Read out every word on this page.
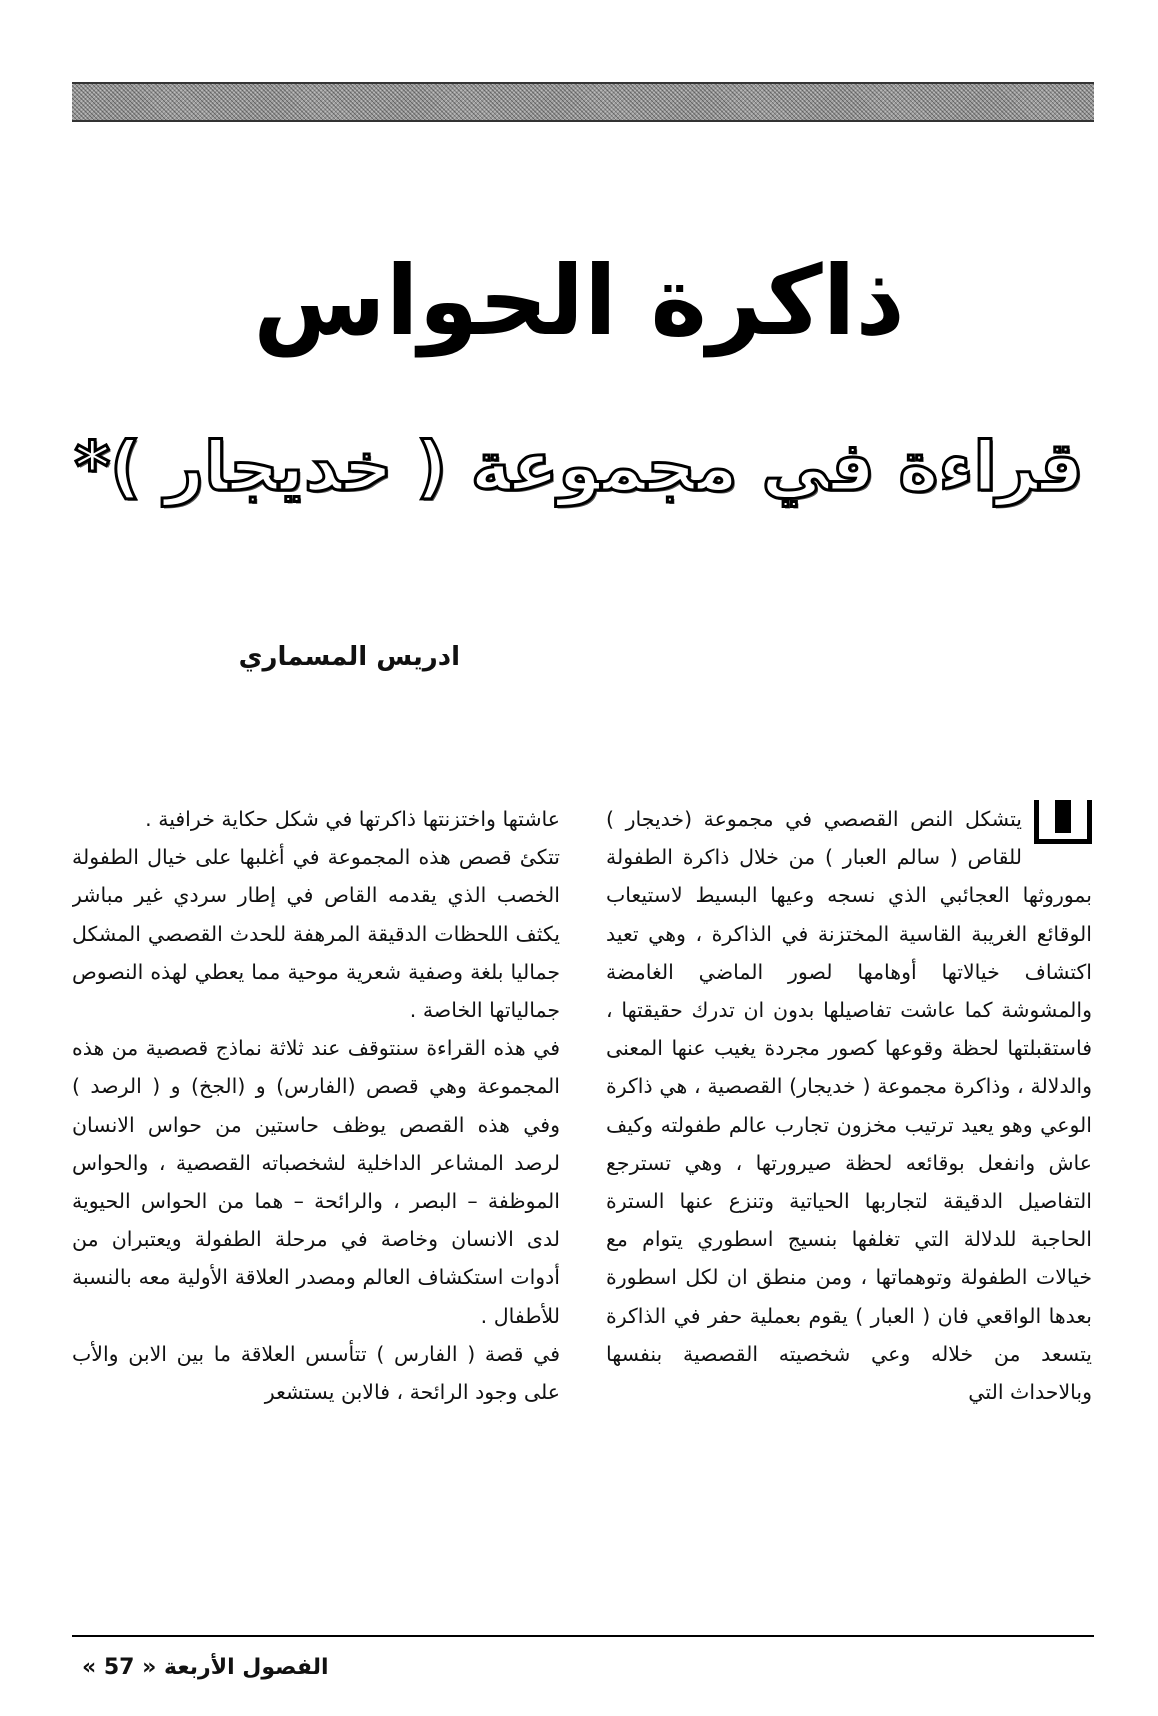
ذاكرة الحواس
قراءة في مجموعة ( خديجار )*
ادريس المسماري

يتشكل النص القصصي في مجموعة (خديجار ) للقاص ( سالم العبار ) من خلال ذاكرة الطفولة بموروثها العجائبي الذي نسجه وعيها البسيط لاستيعاب الوقائع الغريبة القاسية المختزنة في الذاكرة ، وهي تعيد اكتشاف خيالاتها أوهامها لصور الماضي الغامضة والمشوشة كما عاشت تفاصيلها بدون ان تدرك حقيقتها ، فاستقبلتها لحظة وقوعها كصور مجردة يغيب عنها المعنى والدلالة ، وذاكرة مجموعة ( خديجار) القصصية ، هي ذاكرة الوعي وهو يعيد ترتيب مخزون تجارب عالم طفولته وكيف عاش وانفعل بوقائعه لحظة صيرورتها ، وهي تسترجع التفاصيل الدقيقة لتجاربها الحياتية وتنزع عنها السترة الحاجبة للدلالة التي تغلفها بنسيج اسطوري يتوام مع خيالات الطفولة وتوهماتها ، ومن منطق ان لكل اسطورة بعدها الواقعي فان ( العبار ) يقوم بعملية حفر في الذاكرة يتسعد من خلاله وعي شخصيته القصصية بنفسها وبالاحداث التي

عاشتها واختزنتها ذاكرتها في شكل حكاية خرافية .

تتكئ قصص هذه المجموعة في أغلبها على خيال الطفولة الخصب الذي يقدمه القاص في إطار سردي غير مباشر يكثف اللحظات الدقيقة المرهفة للحدث القصصي المشكل جماليا بلغة وصفية شعرية موحية مما يعطي لهذه النصوص جمالياتها الخاصة .

في هذه القراءة سنتوقف عند ثلاثة نماذج قصصية من هذه المجموعة وهي قصص (الفارس) و (الجخ) و ( الرصد ) وفي هذه القصص يوظف حاستين من حواس الانسان لرصد المشاعر الداخلية لشخصباته القصصية ، والحواس الموظفة – البصر ، والرائحة – هما من الحواس الحيوية لدى الانسان وخاصة في مرحلة الطفولة ويعتبران من أدوات استكشاف العالم ومصدر العلاقة الأولية معه بالنسبة للأطفال .

في قصة ( الفارس ) تتأسس العلاقة ما بين الابن والأب على وجود الرائحة ، فالابن يستشعر

الفصول الأربعة « 57 »
